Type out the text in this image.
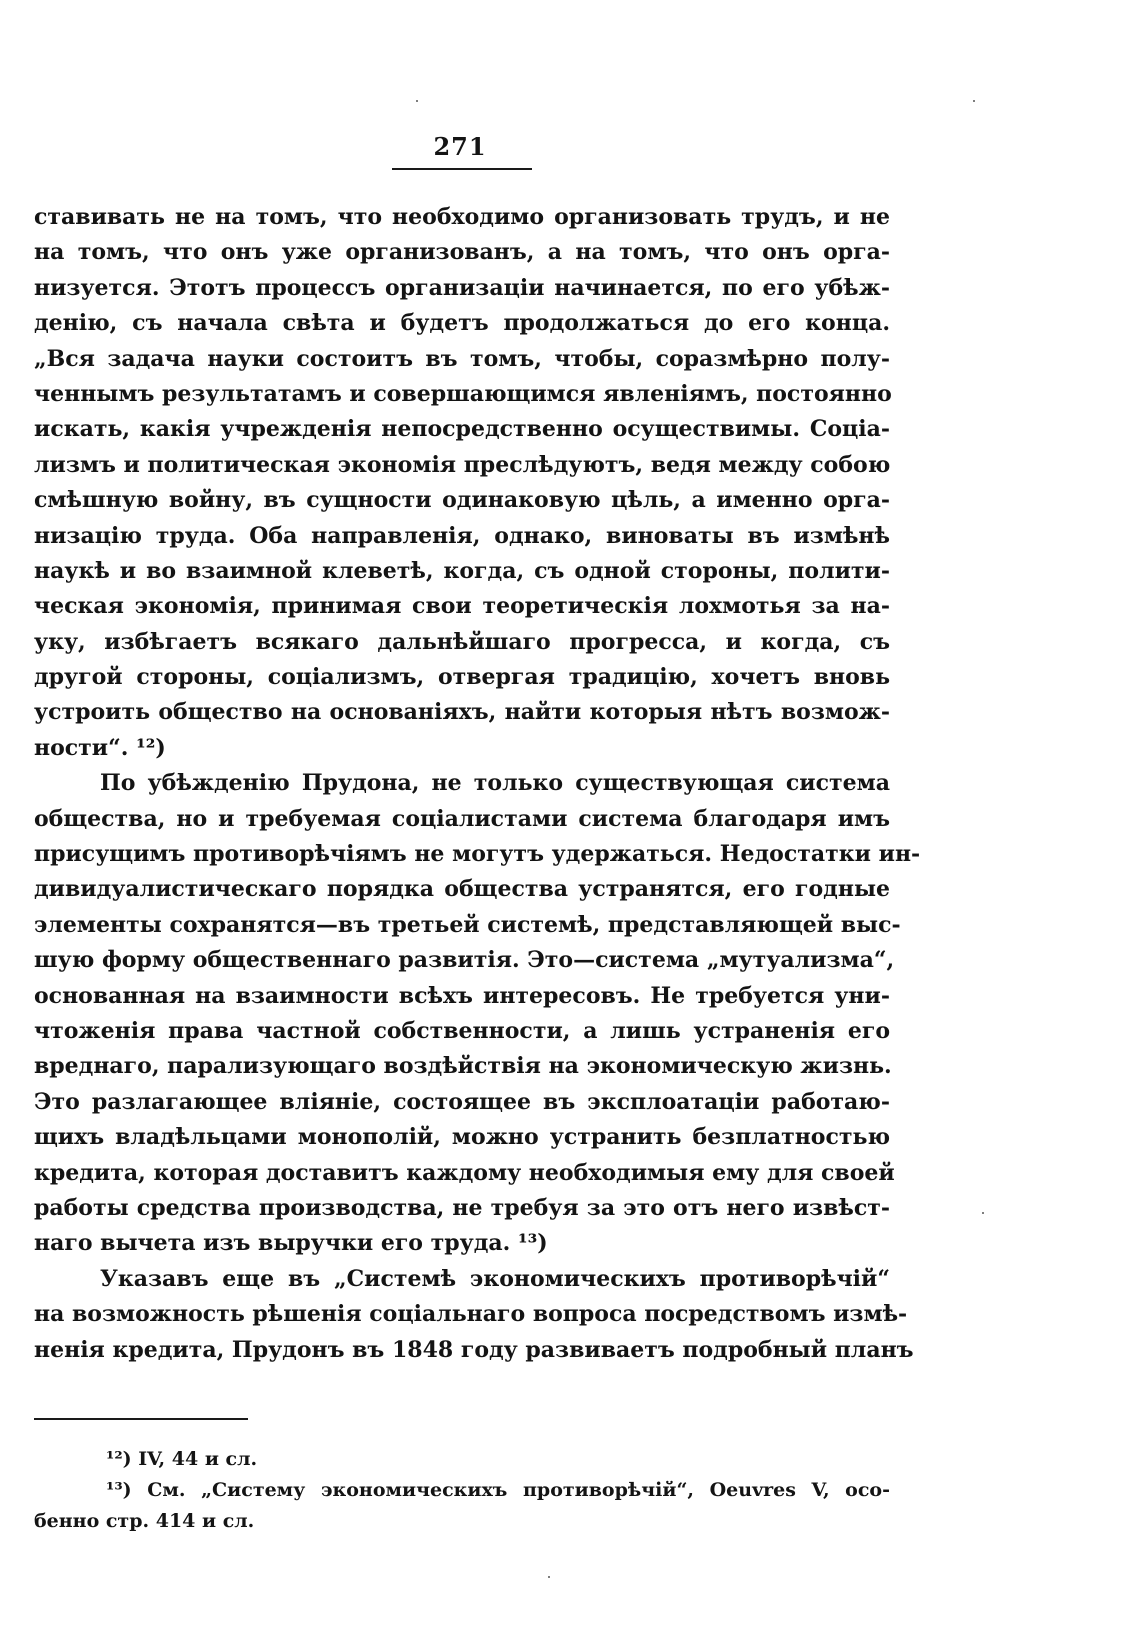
271
ставивать не на томъ, что необходимо организовать трудъ, и не
на томъ, что онъ уже организованъ, а на томъ, что онъ орга-
низуется. Этотъ процессъ организаціи начинается, по его убѣж-
денію, съ начала свѣта и будетъ продолжаться до его конца.
„Вся задача науки состоитъ въ томъ, чтобы, соразмѣрно полу-
ченнымъ результатамъ и совершающимся явленіямъ, постоянно
искать, какія учрежденія непосредственно осуществимы. Соціа-
лизмъ и политическая экономія преслѣдуютъ, ведя между собою
смѣшную войну, въ сущности одинаковую цѣль, а именно орга-
низацію труда. Оба направленія, однако, виноваты въ измѣнѣ
наукѣ и во взаимной клеветѣ, когда, съ одной стороны, полити-
ческая экономія, принимая свои теоретическія лохмотья за на-
уку, избѣгаетъ всякаго дальнѣйшаго прогресса, и когда, съ
другой стороны, соціализмъ, отвергая традицію, хочетъ вновь
устроить общество на основаніяхъ, найти которыя нѣтъ возмож-
ности“. ¹²)
По убѣжденію Прудона, не только существующая система
общества, но и требуемая соціалистами система благодаря имъ
присущимъ противорѣчіямъ не могутъ удержаться. Недостатки ин-
дивидуалистическаго порядка общества устранятся, его годные
элементы сохранятся—въ третьей системѣ, представляющей выс-
шую форму общественнаго развитія. Это—система „мутуализма“,
основанная на взаимности всѣхъ интересовъ. Не требуется уни-
чтоженія права частной собственности, а лишь устраненія его
вреднаго, парализующаго воздѣйствія на экономическую жизнь.
Это разлагающее вліяніе, состоящее въ эксплоатаціи работаю-
щихъ владѣльцами монополій, можно устранить безплатностью
кредита, которая доставитъ каждому необходимыя ему для своей
работы средства производства, не требуя за это отъ него извѣст-
наго вычета изъ выручки его труда. ¹³)
Указавъ еще въ „Системѣ экономическихъ противорѣчій“
на возможность рѣшенія соціальнаго вопроса посредствомъ измѣ-
ненія кредита, Прудонъ въ 1848 году развиваетъ подробный планъ
¹²) IV, 44 и сл.
¹³) См. „Систему экономическихъ противорѣчій“, Oeuvres V, осо-
бенно стр. 414 и сл.
